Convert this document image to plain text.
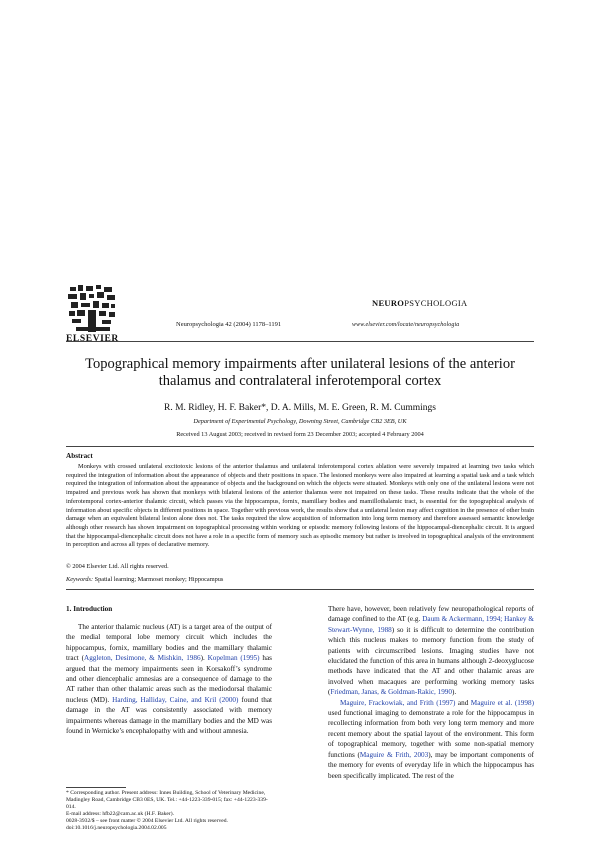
ELSEVIER
Neuropsychologia 42 (2004) 1178–1191
NEUROPSYCHOLOGIA
www.elsevier.com/locate/neuropsychologia
Topographical memory impairments after unilateral lesions of the anterior thalamus and contralateral inferotemporal cortex
R. M. Ridley, H. F. Baker*, D. A. Mills, M. E. Green, R. M. Cummings
Department of Experimental Psychology, Downing Street, Cambridge CB2 3EB, UK
Received 13 August 2003; received in revised form 23 December 2003; accepted 4 February 2004
Abstract
Monkeys with crossed unilateral excitotoxic lesions of the anterior thalamus and unilateral inferotemporal cortex ablation were severely impaired at learning two tasks which required the integration of information about the appearance of objects and their positions in space. The lesioned monkeys were also impaired at learning a spatial task and a task which required the integration of information about the appearance of objects and the background on which the objects were situated. Monkeys with only one of the unilateral lesions were not impaired and previous work has shown that monkeys with bilateral lesions of the anterior thalamus were not impaired on these tasks. These results indicate that the whole of the inferotemporal cortex-anterior thalamic circuit, which passes via the hippocampus, fornix, mamillary bodies and mamillothalamic tract, is essential for the topographical analysis of information about specific objects in different positions in space. Together with previous work, the results show that a unilateral lesion may affect cognition in the presence of other brain damage when an equivalent bilateral lesion alone does not. The tasks required the slow acquisition of information into long term memory and therefore assessed semantic knowledge although other research has shown impairment on topographical processing within working or episodic memory following lesions of the hippocampal-diencephalic circuit. It is argued that the hippocampal-diencephalic circuit does not have a role in a specific form of memory such as episodic memory but rather is involved in topographical analysis of the environment in perception and across all types of declarative memory.
© 2004 Elsevier Ltd. All rights reserved.
Keywords: Spatial learning; Marmoset monkey; Hippocampus
1. Introduction
The anterior thalamic nucleus (AT) is a target area of the output of the medial temporal lobe memory circuit which includes the hippocampus, fornix, mamillary bodies and the mamillary thalamic tract (Aggleton, Desimone, & Mishkin, 1986). Kopelman (1995) has argued that the memory impairments seen in Korsakoff’s syndrome and other diencephalic amnesias are a consequence of damage to the AT rather than other thalamic areas such as the mediodorsal thalamic nucleus (MD). Harding, Halliday, Caine, and Kril (2000) found that damage in the AT was consistently associated with memory impairments whereas damage in the mamillary bodies and the MD was found in Wernicke’s encephalopathy with and without amnesia.

There have, however, been relatively few neuropathological reports of damage confined to the AT (e.g. Daum & Ackermann, 1994; Hankey & Stewart-Wynne, 1988) so it is difficult to determine the contribution which this nucleus makes to memory function from the study of patients with circumscribed lesions. Imaging studies have not elucidated the function of this area in humans although 2-deoxyglucose methods have indicated that the AT and other thalamic areas are involved when macaques are performing working memory tasks (Friedman, Janas, & Goldman-Rakic, 1990).

Maguire, Frackowiak, and Frith (1997) and Maguire et al. (1998) used functional imaging to demonstrate a role for the hippocampus in recollecting information from both very long term memory and more recent memory about the spatial layout of the environment. This form of topographical memory, together with some non-spatial memory functions (Maguire & Frith, 2003), may be important components of the memory for events of everyday life in which the hippocampus has been specifically implicated. The rest of the

* Corresponding author. Present address: Innes Building, School of Veterinary Medicine, Madingley Road, Cambridge CB3 0ES, UK. Tel.: +44-1223-339-015; fax: +44-1223-339-014.
E-mail address: hfb22@cam.ac.uk (H.F. Baker).
0028-3932/$ – see front matter © 2004 Elsevier Ltd. All rights reserved.
doi:10.1016/j.neuropsychologia.2004.02.005
